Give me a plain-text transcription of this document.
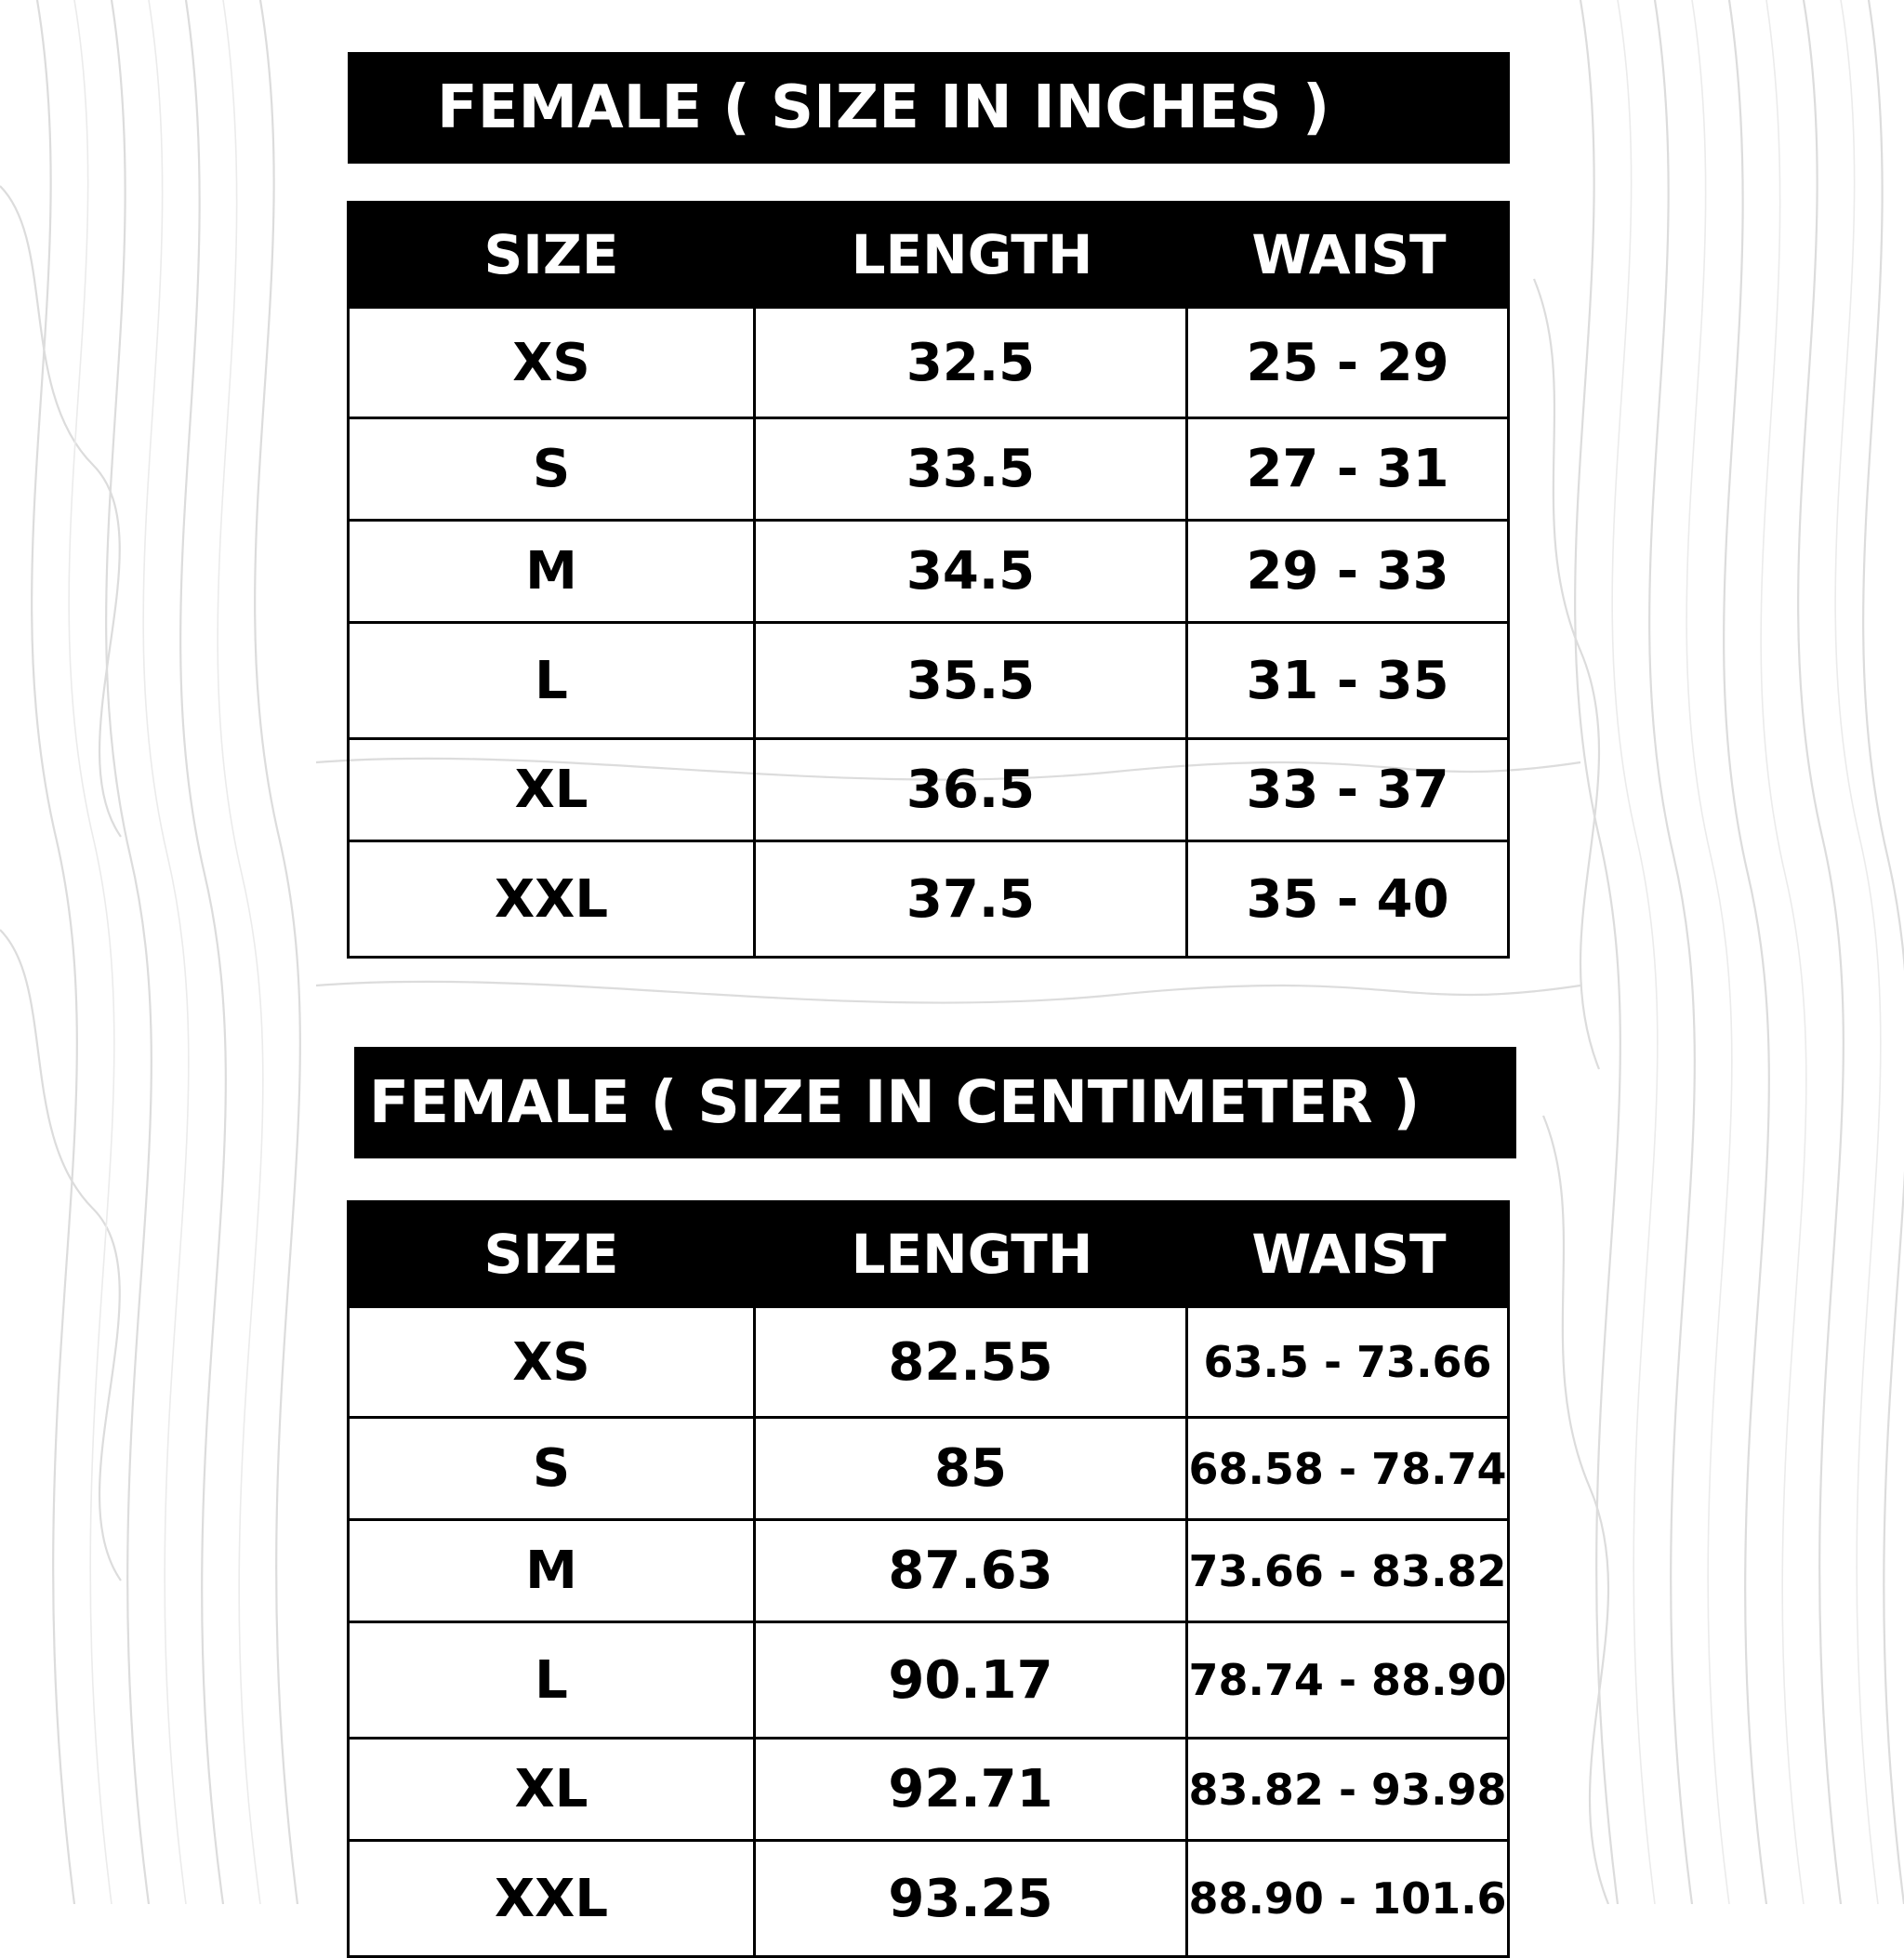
FEMALE ( SIZE IN INCHES )
SIZE	LENGTH	WAIST
XS	32.5	25 - 29
S	33.5	27 - 31
M	34.5	29 - 33
L	35.5	31 - 35
XL	36.5	33 - 37
XXL	37.5	35 - 40
FEMALE ( SIZE IN CENTIMETER )
SIZE	LENGTH	WAIST
XS	82.55	63.5 - 73.66
S	85	68.58 - 78.74
M	87.63	73.66 - 83.82
L	90.17	78.74 - 88.90
XL	92.71	83.82 - 93.98
XXL	93.25	88.90 - 101.6
